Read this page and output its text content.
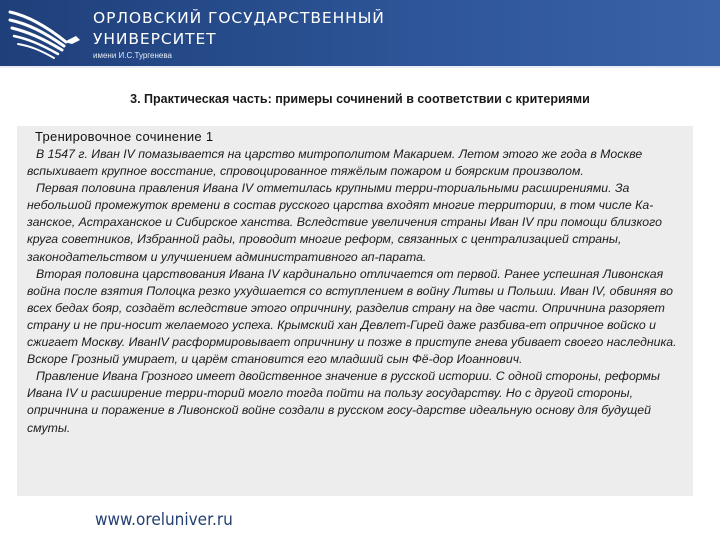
ОРЛОВСКИЙ ГОСУДАРСТВЕННЫЙ
УНИВЕРСИТЕТ
имени И.С.Тургенева
3. Практическая часть: примеры сочинений в соответствии с критериями
Тренировочное сочинение 1

В 1547 г. Иван IV помазывается на царство митрополитом Макарием. Летом этого же года в Москве вспыхивает крупное восстание, спровоцированное тяжёлым пожаром и боярским произволом.

Первая половина правления Ивана IV отметилась крупными терри-ториальными расширениями. За небольшой промежуток времени в состав русского царства входят многие территории, в том числе Ка-занское, Астраханское и Сибирское ханства. Вследствие увеличения страны Иван IV при помощи близкого круга советников, Избранной рады, проводит многие реформ, связанных с централизацией страны, законодательством и улучшением административного ап-парата.

Вторая половина царствования Ивана IV кардинально отличается от первой. Ранее успешная Ливонская война после взятия Полоцка резко ухудшается со вступлением в войну Литвы и Польши. Иван IV, обвиняя во всех бедах бояр, создаёт вследствие этого опричнину, разделив страну на две части. Опричнина разоряет страну и не при-носит желаемого успеха. Крымский хан Девлет-Гирей даже разбива-ет опричное войско и сжигает Москву. ИванIV расформировывает опричнину и позже в приступе гнева убивает своего наследника. Вскоре Грозный умирает, и царём становится его младший сын Фё-дор Иоаннович.

Правление Ивана Грозного имеет двойственное значение в русской истории. С одной стороны, реформы Ивана IV и расширение терри-торий могло тогда пойти на пользу государству. Но с другой стороны, опричнина и поражение в Ливонской войне создали в русском госу-дарстве идеальную основу для будущей смуты.

www.oreluniver.ru
